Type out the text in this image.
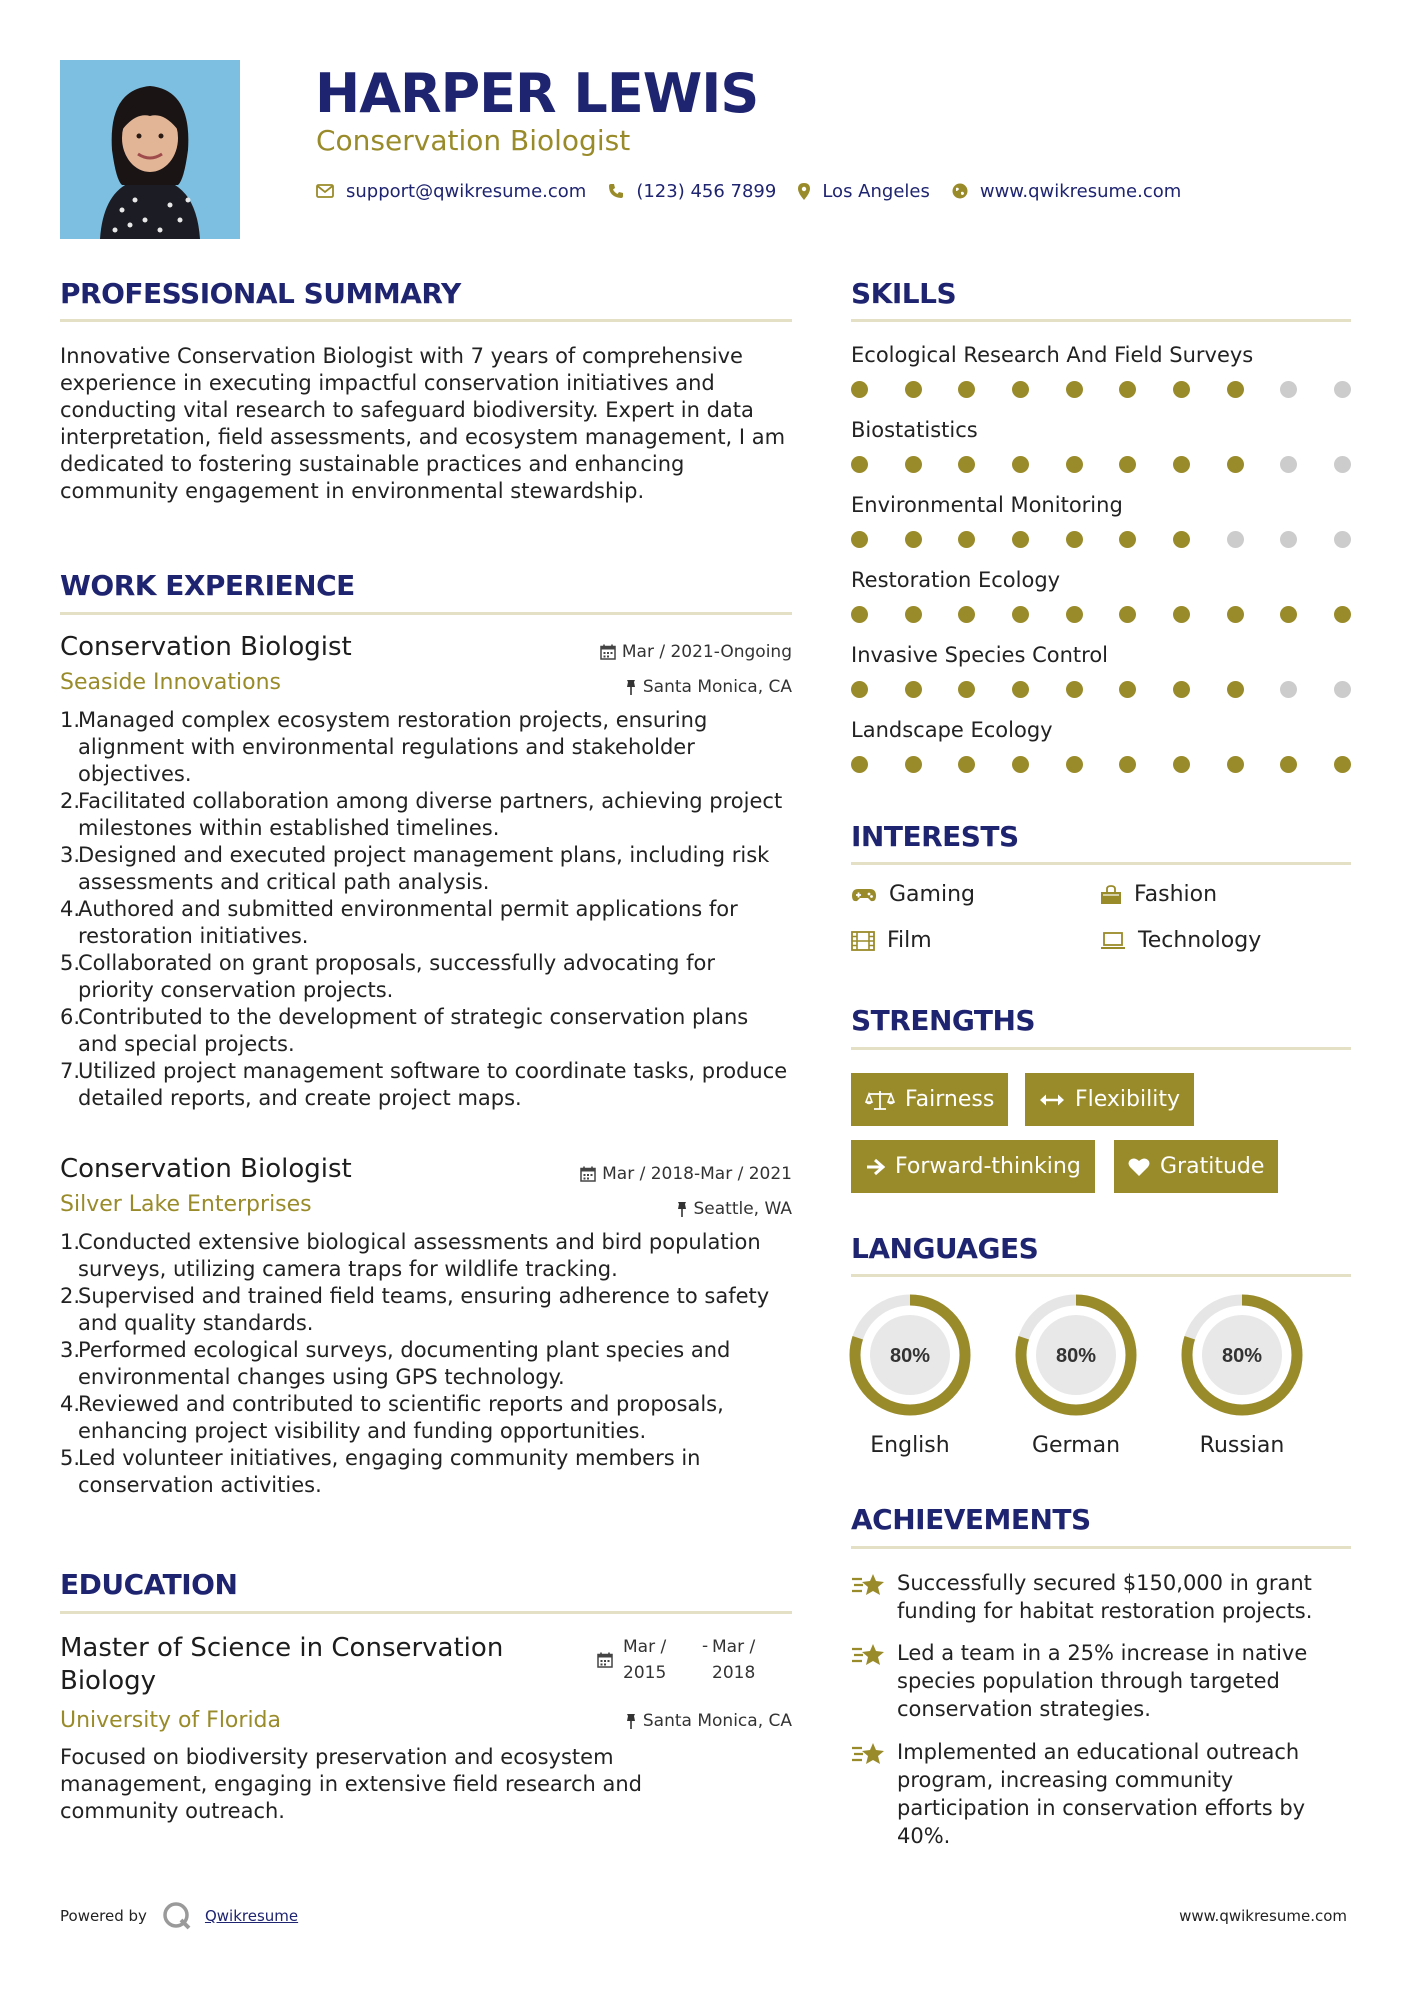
HARPER LEWIS
Conservation Biologist
support@qwikresume.com	(123) 456 7899	Los Angeles	www.qwikresume.com
PROFESSIONAL SUMMARY
Innovative Conservation Biologist with 7 years of comprehensive experience in executing impactful conservation initiatives and conducting vital research to safeguard biodiversity. Expert in data interpretation, field assessments, and ecosystem management, I am dedicated to fostering sustainable practices and enhancing community engagement in environmental stewardship.
WORK EXPERIENCE
Mar / 2021-Ongoing
Santa Monica, CA
Conservation Biologist
Seaside Innovations
1.Managed complex ecosystem restoration projects, ensuring alignment with environmental regulations and stakeholder objectives.
2.Facilitated collaboration among diverse partners, achieving project milestones within established timelines.
3.Designed and executed project management plans, including risk assessments and critical path analysis.
4.Authored and submitted environmental permit applications for restoration initiatives.
5.Collaborated on grant proposals, successfully advocating for priority conservation projects.
6.Contributed to the development of strategic conservation plans and special projects.
7.Utilized project management software to coordinate tasks, produce detailed reports, and create project maps.
Mar / 2018-Mar / 2021
Seattle, WA
Conservation Biologist
Silver Lake Enterprises
1.Conducted extensive biological assessments and bird population surveys, utilizing camera traps for wildlife tracking.
2.Supervised and trained field teams, ensuring adherence to safety and quality standards.
3.Performed ecological surveys, documenting plant species and environmental changes using GPS technology.
4.Reviewed and contributed to scientific reports and proposals, enhancing project visibility and funding opportunities.
5.Led volunteer initiatives, engaging community members in conservation activities.
EDUCATION
Master of Science in Conservation Biology
Mar / 2015
- Mar / 2018
Santa Monica, CA
University of Florida
Focused on biodiversity preservation and ecosystem management, engaging in extensive field research and community outreach.
SKILLS
Ecological Research And Field Surveys
Biostatistics
Environmental Monitoring
Restoration Ecology
Invasive Species Control
Landscape Ecology
INTERESTS
Gaming	Fashion
Film	Technology
STRENGTHS
Fairness	Flexibility
Forward-thinking	Gratitude
LANGUAGES
80%
English
80%
German
80%
Russian
ACHIEVEMENTS
Successfully secured $150,000 in grant funding for habitat restoration projects.
Led a team in a 25% increase in native species population through targeted conservation strategies.
Implemented an educational outreach program, increasing community participation in conservation efforts by 40%.
Powered by	Qwikresume	www.qwikresume.com
